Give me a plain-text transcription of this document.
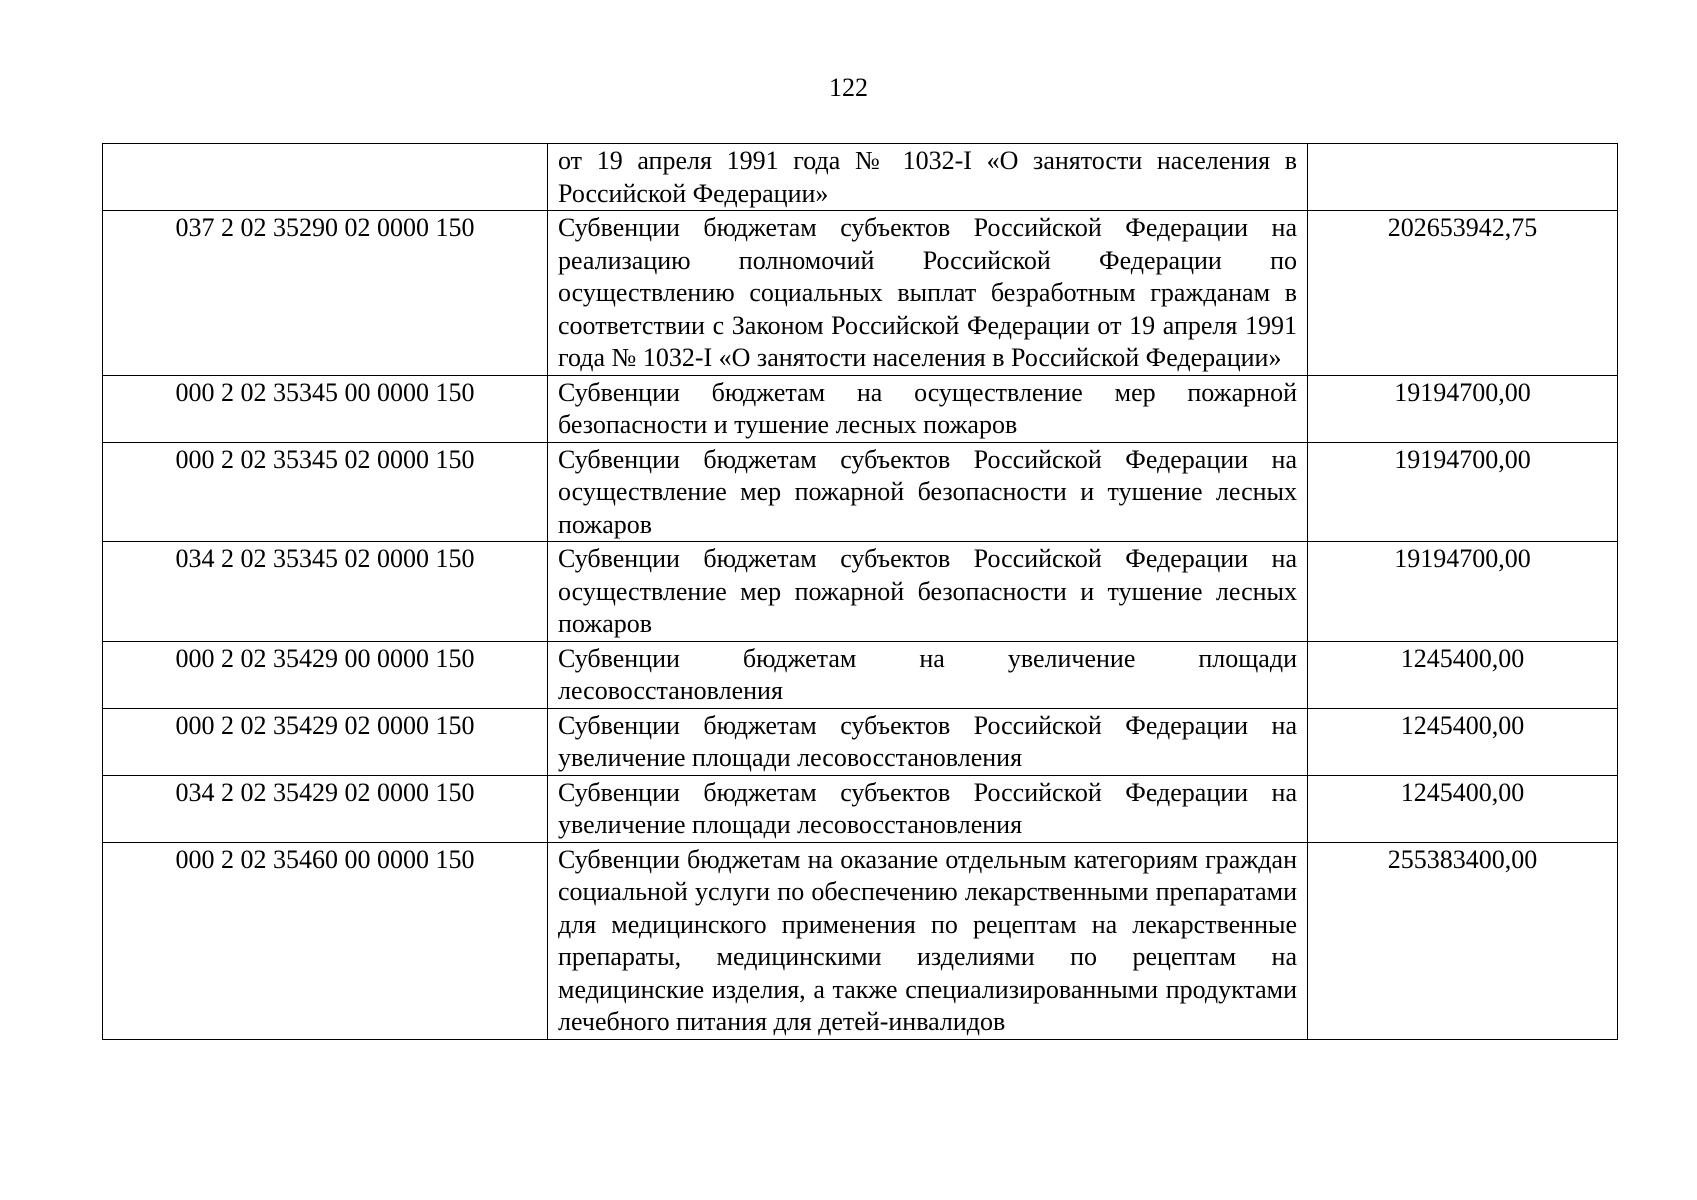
122
	от 19 апреля 1991 года № 1032-I «О занятости населения в Российской Федерации»	
037 2 02 35290 02 0000 150	Субвенции бюджетам субъектов Российской Федерации на реализацию полномочий Российской Федерации по осуществлению социальных выплат безработным гражданам в соответствии с Законом Российской Федерации от 19 апреля 1991 года № 1032-I «О занятости населения в Российской Федерации»	202653942,75
000 2 02 35345 00 0000 150	Субвенции бюджетам на осуществление мер пожарной безопасности и тушение лесных пожаров	19194700,00
000 2 02 35345 02 0000 150	Субвенции бюджетам субъектов Российской Федерации на осуществление мер пожарной безопасности и тушение лесных пожаров	19194700,00
034 2 02 35345 02 0000 150	Субвенции бюджетам субъектов Российской Федерации на осуществление мер пожарной безопасности и тушение лесных пожаров	19194700,00
000 2 02 35429 00 0000 150	Субвенции бюджетам на увеличение площади лесовосстановления	1245400,00
000 2 02 35429 02 0000 150	Субвенции бюджетам субъектов Российской Федерации на увеличение площади лесовосстановления	1245400,00
034 2 02 35429 02 0000 150	Субвенции бюджетам субъектов Российской Федерации на увеличение площади лесовосстановления	1245400,00
000 2 02 35460 00 0000 150	Субвенции бюджетам на оказание отдельным категориям граждан социальной услуги по обеспечению лекарственными препаратами для медицинского применения по рецептам на лекарственные препараты, медицинскими изделиями по рецептам на медицинские изделия, а также специализированными продуктами лечебного питания для детей-инвалидов	255383400,00
